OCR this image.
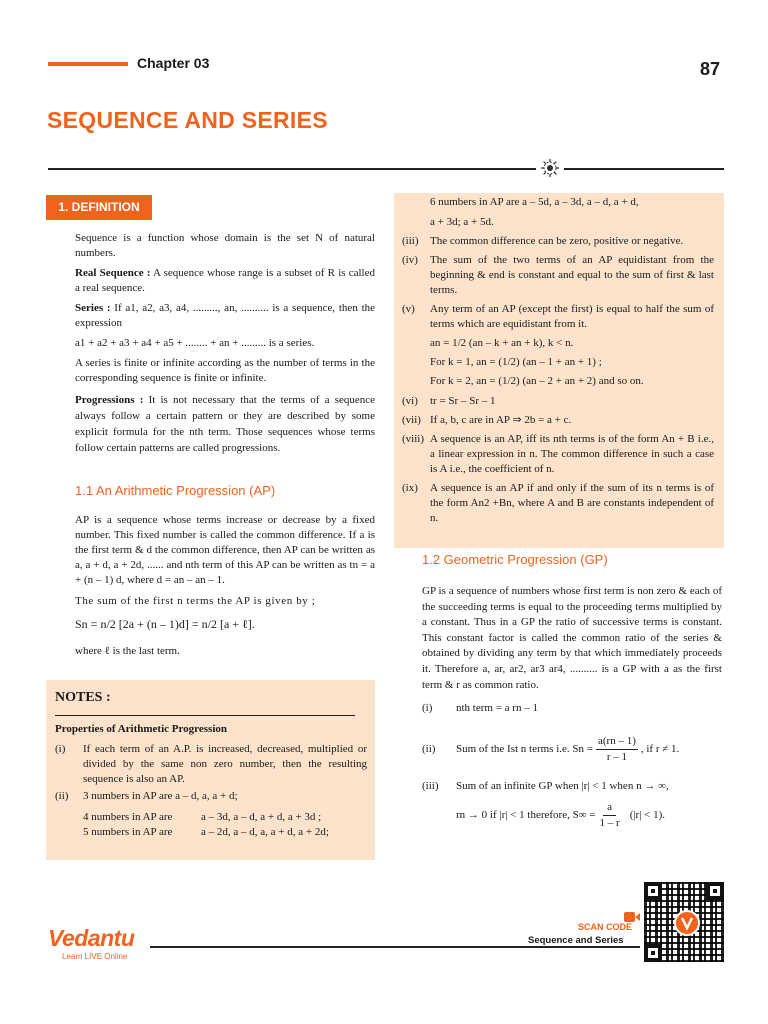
Chapter 03	87
SEQUENCE AND SERIES
1. DEFINITION

Sequence is a function whose domain is the set N of natural numbers.

Real Sequence : A sequence whose range is a subset of R is called a real sequence.

Series : If a1, a2, a3, a4, ........., an, .......... is a sequence, then the expression

a1 + a2 + a3 + a4 + a5 + ........ + an + ......... is a series.

A series is finite or infinite according as the number of terms in the corresponding sequence is finite or infinite.

Progressions : It is not necessary that the terms of a sequence always follow a certain pattern or they are described by some explicit formula for the nth term. Those sequences whose terms follow certain patterns are called progressions.

1.1 An Arithmetic Progression (AP)

AP is a sequence whose terms increase or decrease by a fixed number. This fixed number is called the common difference. If a is the first term & d the common difference, then AP can be written as a, a + d, a + 2d, ...... and nth term of this AP can be written as tn = a + (n – 1) d, where d = an – an – 1.

The sum of the first n terms the AP is given by ;

Sn = n/2 [2a + (n – 1)d] = n/2 [a + ℓ].

where ℓ is the last term.

NOTES :
Properties of Arithmetic Progression
(i)	If each term of an A.P. is increased, decreased, multiplied or divided by the same non zero number, then the resulting sequence is also an AP.
(ii)	3 numbers in AP are a – d, a, a + d;
4 numbers in AP are	a – 3d, a – d, a + d, a + 3d ;
5 numbers in AP are	a – 2d, a – d, a, a + d, a + 2d;

6 numbers in AP are a – 5d, a – 3d, a – d, a + d,

a + 3d; a + 5d.

(iii)	The common difference can be zero, positive or negative.
(iv)	The sum of the two terms of an AP equidistant from the beginning & end is constant and equal to the sum of first & last terms.
(v)	Any term of an AP (except the first) is equal to half the sum of terms which are equidistant from it.

an = 1/2 (an – k + an + k), k < n.

For k = 1, an = (1/2) (an – 1 + an + 1) ;

For k = 2, an = (1/2) (an – 2 + an + 2) and so on.

(vi)	tr = Sr – Sr – 1
(vii) If a, b, c are in AP ⇒ 2b = a + c.
(viii) A sequence is an AP, iff its nth terms is of the form An + B i.e., a linear expression in n. The common difference in such a case is A i.e., the coefficient of n.
(ix)	A sequence is an AP if and only if the sum of its n terms is of the form An2 +Bn, where A and B are constants independent of n.
1.2 Geometric Progression (GP)

GP is a sequence of numbers whose first term is non zero & each of the succeeding terms is equal to the proceeding terms multiplied by a constant. Thus in a GP the ratio of successive terms is constant. This constant factor is called the common ratio of the series & obtained by dividing any term by that which immediately proceeds it. Therefore a, ar, ar2, ar3 ar4, .......... is a GP with a as the first term & r as common ratio.

(i)	nth term = a rn – 1
(ii)	Sum of the Ist n terms i.e. $Sn = \frac{a(rn - 1)}{r - 1}$ , if r ≠ 1.
(iii)	Sum of an infinite GP when |r| < 1 when n → ∞,
rn → 0 if |r| < 1 therefore, $S\infty = \frac{a}{1 - r} (|r| < 1)$.
Vedantu
Learn LIVE Online
SCAN CODE
Sequence and Series
